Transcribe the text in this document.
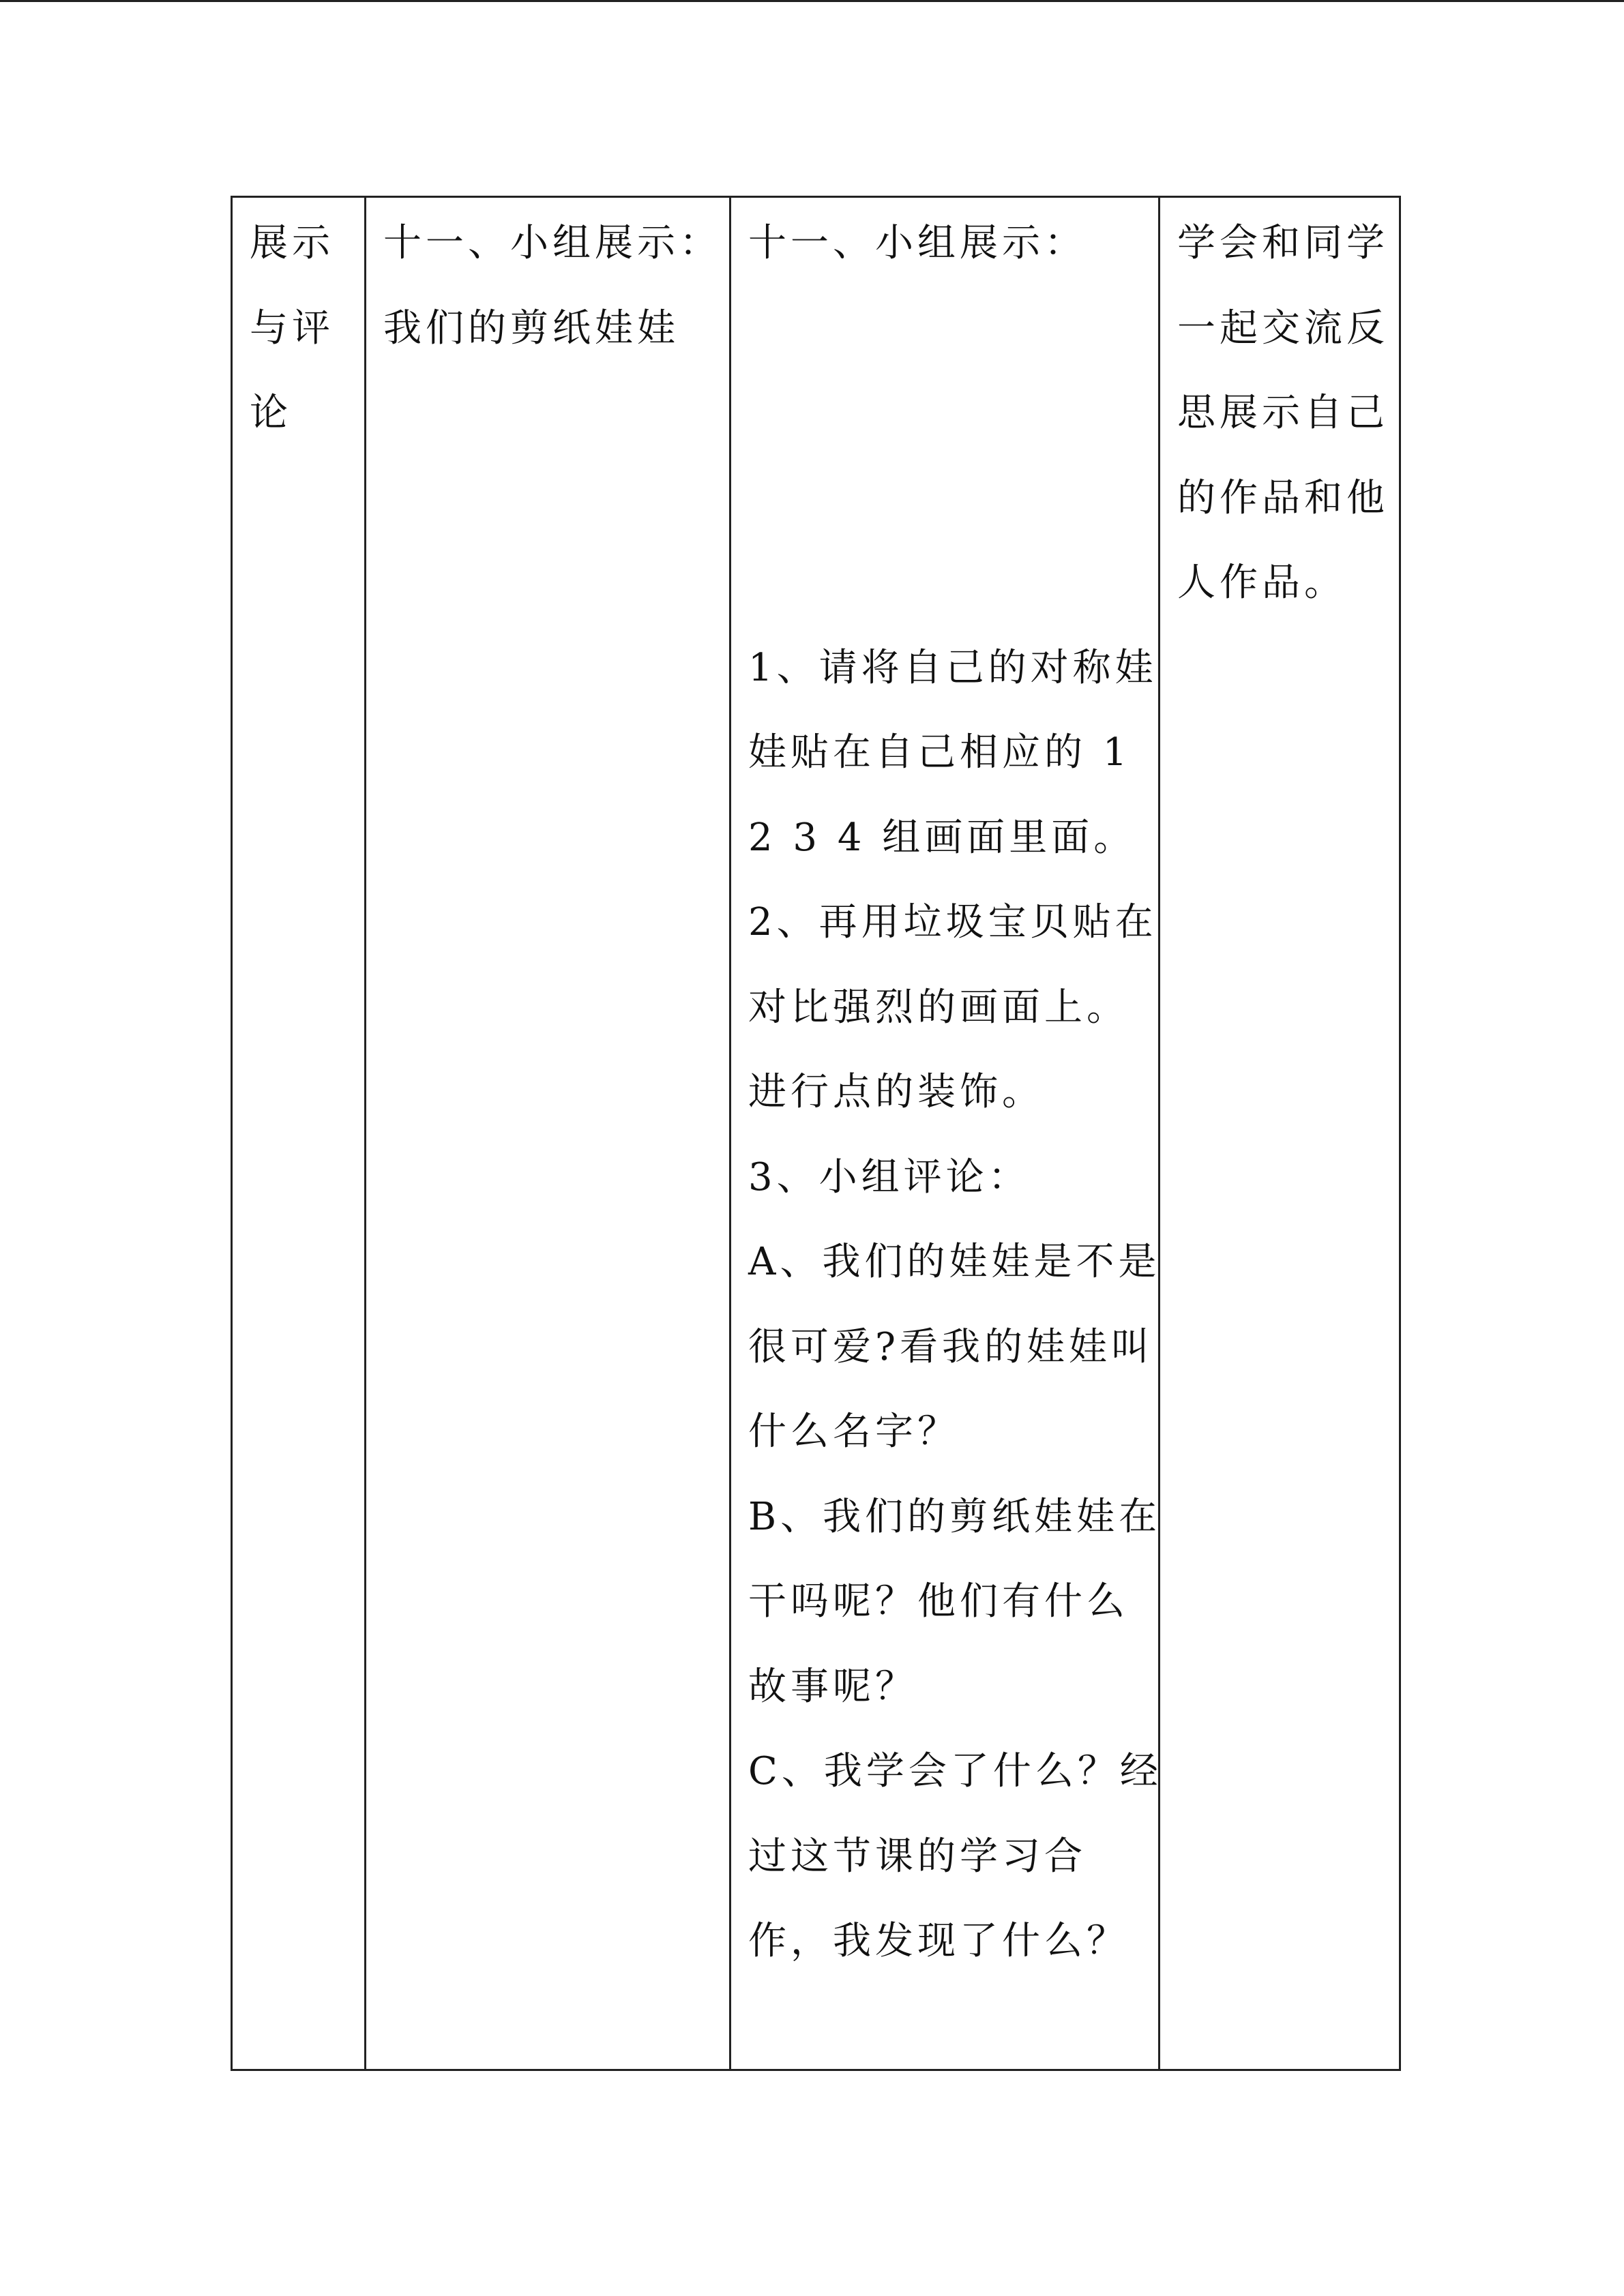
展示
与评
论

十一、小组展示：
我们的剪纸娃娃

十一、小组展示：
1、请将自己的对称娃
娃贴在自己相应的 1
2 3 4 组画面里面。
2、再用垃圾宝贝贴在
对比强烈的画面上。
进行点的装饰。
3、小组评论：
A、我们的娃娃是不是
很可爱?看我的娃娃叫
什么名字？
B、我们的剪纸娃娃在
干吗呢？他们有什么
故事呢？
C、我学会了什么？经
过这节课的学习合
作，我发现了什么？

学会和同学
一起交流反
思展示自己
的作品和他
人作品。
